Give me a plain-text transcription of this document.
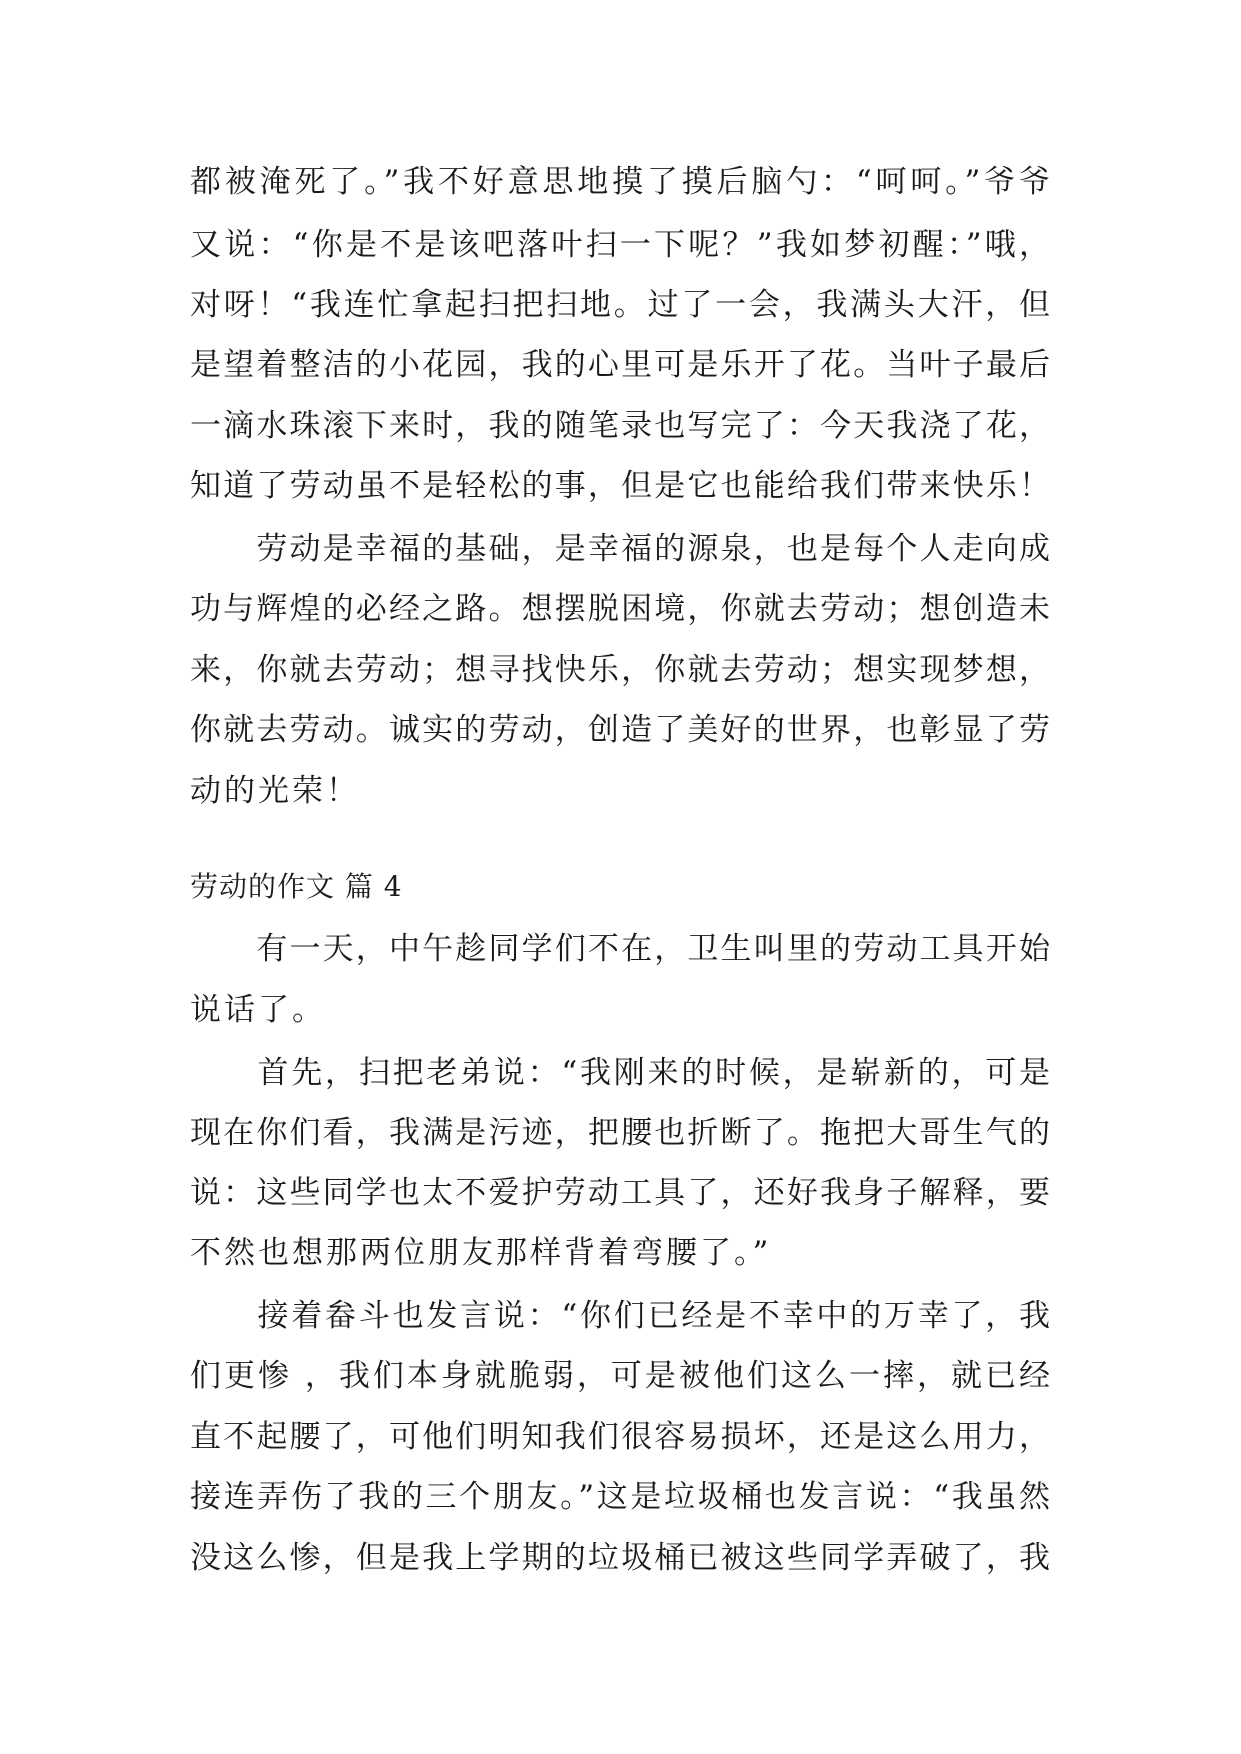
都被淹死了。”我不好意思地摸了摸后脑勺：“呵呵。”爷爷
又说：“你是不是该吧落叶扫一下呢？”我如梦初醒：”哦，
对呀！“我连忙拿起扫把扫地。过了一会，我满头大汗，但
是望着整洁的小花园，我的心里可是乐开了花。当叶子最后
一滴水珠滚下来时，我的随笔录也写完了：今天我浇了花，
知道了劳动虽不是轻松的事，但是它也能给我们带来快乐！
　　劳动是幸福的基础，是幸福的源泉，也是每个人走向成
功与辉煌的必经之路。想摆脱困境，你就去劳动；想创造未
来，你就去劳动；想寻找快乐，你就去劳动；想实现梦想，
你就去劳动。诚实的劳动，创造了美好的世界，也彰显了劳
动的光荣！
劳动的作文 篇 4
　　有一天，中午趁同学们不在，卫生叫里的劳动工具开始
说话了。
　　首先，扫把老弟说：“我刚来的时候，是崭新的，可是
现在你们看，我满是污迹，把腰也折断了。拖把大哥生气的
说：这些同学也太不爱护劳动工具了，还好我身子解释，要
不然也想那两位朋友那样背着弯腰了。”
　　接着畚斗也发言说：“你们已经是不幸中的万幸了，我
们更惨 ，我们本身就脆弱，可是被他们这么一摔，就已经
直不起腰了，可他们明知我们很容易损坏，还是这么用力，
接连弄伤了我的三个朋友。”这是垃圾桶也发言说：“我虽然
没这么惨，但是我上学期的垃圾桶已被这些同学弄破了，我
